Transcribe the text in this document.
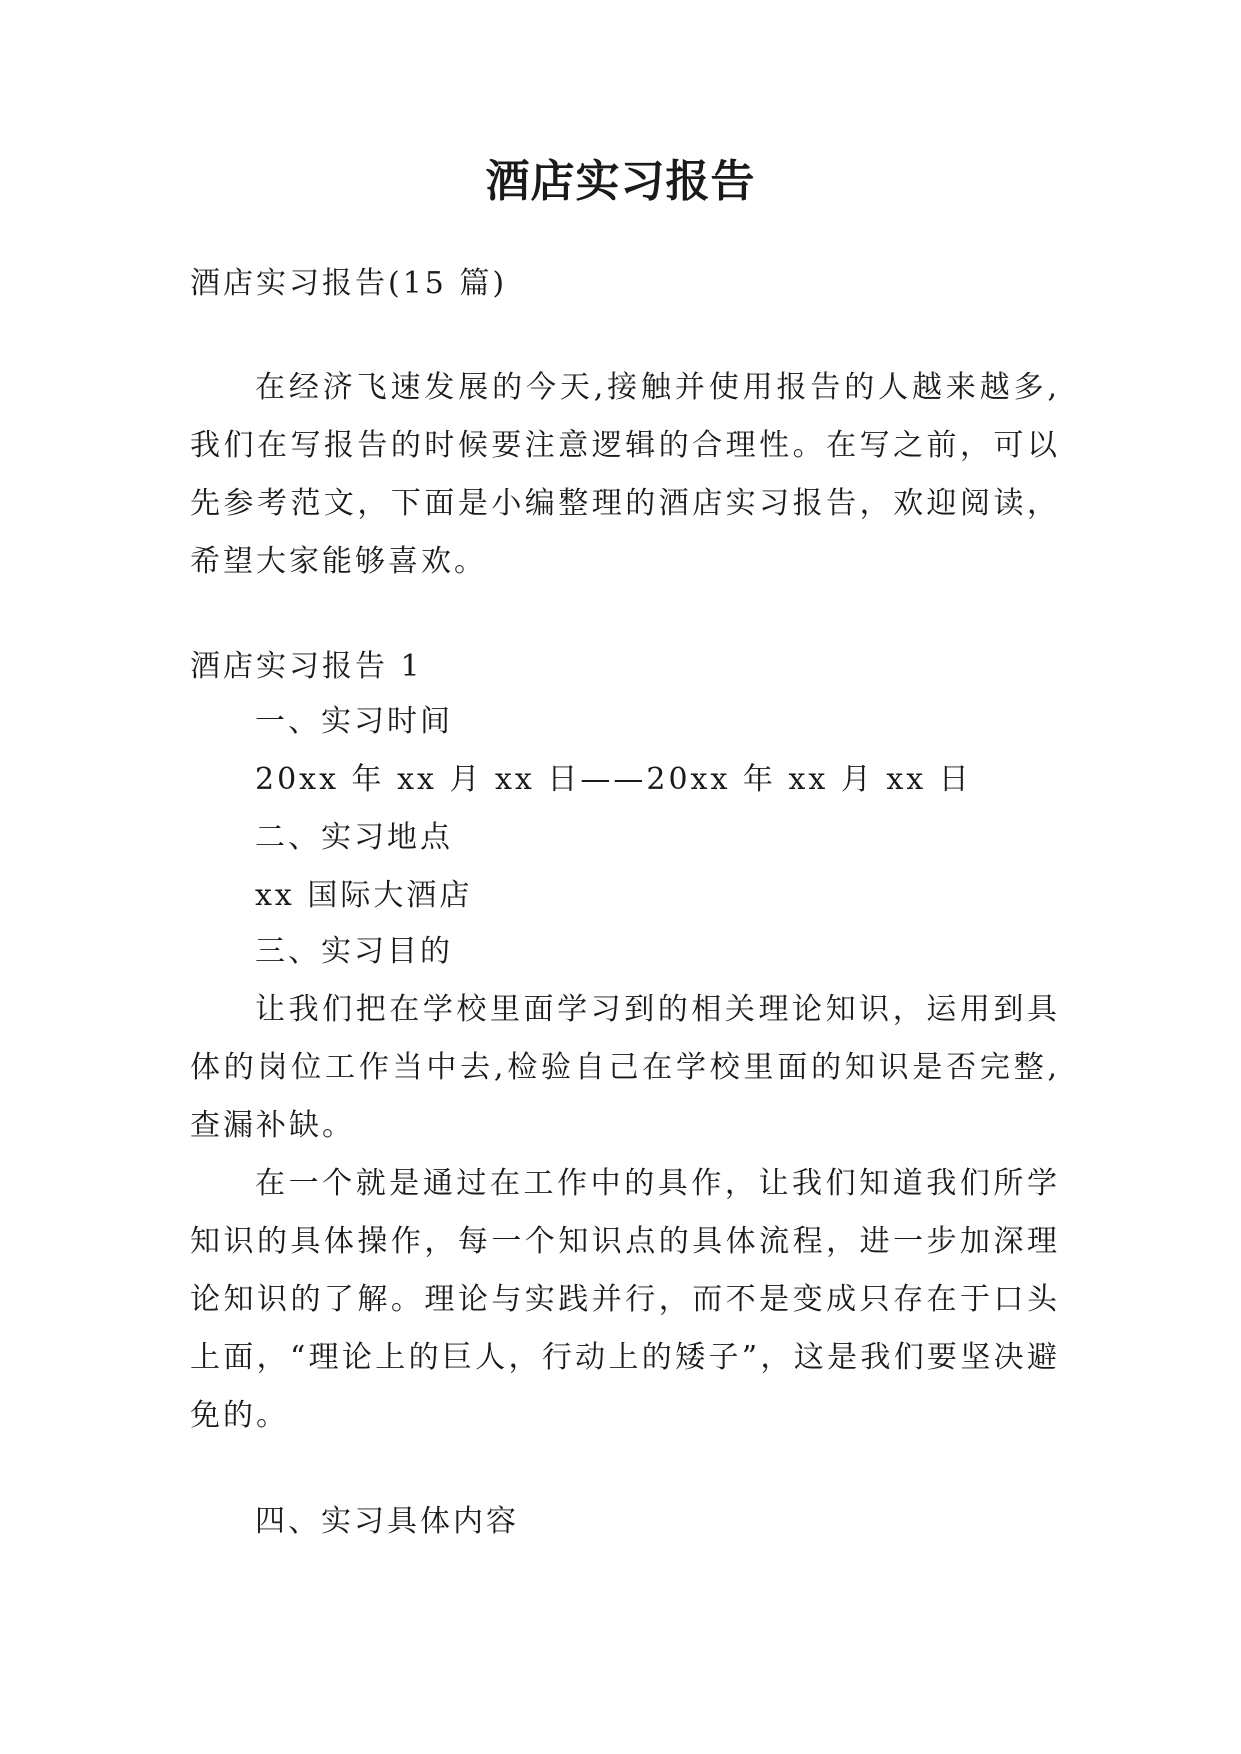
酒店实习报告
酒店实习报告(15 篇)
在经济飞速发展的今天,接触并使用报告的人越来越多,
我们在写报告的时候要注意逻辑的合理性。在写之前，可以
先参考范文，下面是小编整理的酒店实习报告，欢迎阅读，
希望大家能够喜欢。
酒店实习报告 1
一、实习时间
20xx 年 xx 月 xx 日——20xx 年 xx 月 xx 日
二、实习地点
xx 国际大酒店
三、实习目的
让我们把在学校里面学习到的相关理论知识，运用到具
体的岗位工作当中去,检验自己在学校里面的知识是否完整,
查漏补缺。
在一个就是通过在工作中的具作，让我们知道我们所学
知识的具体操作，每一个知识点的具体流程，进一步加深理
论知识的了解。理论与实践并行，而不是变成只存在于口头
上面，“理论上的巨人，行动上的矮子”，这是我们要坚决避
免的。
四、实习具体内容
